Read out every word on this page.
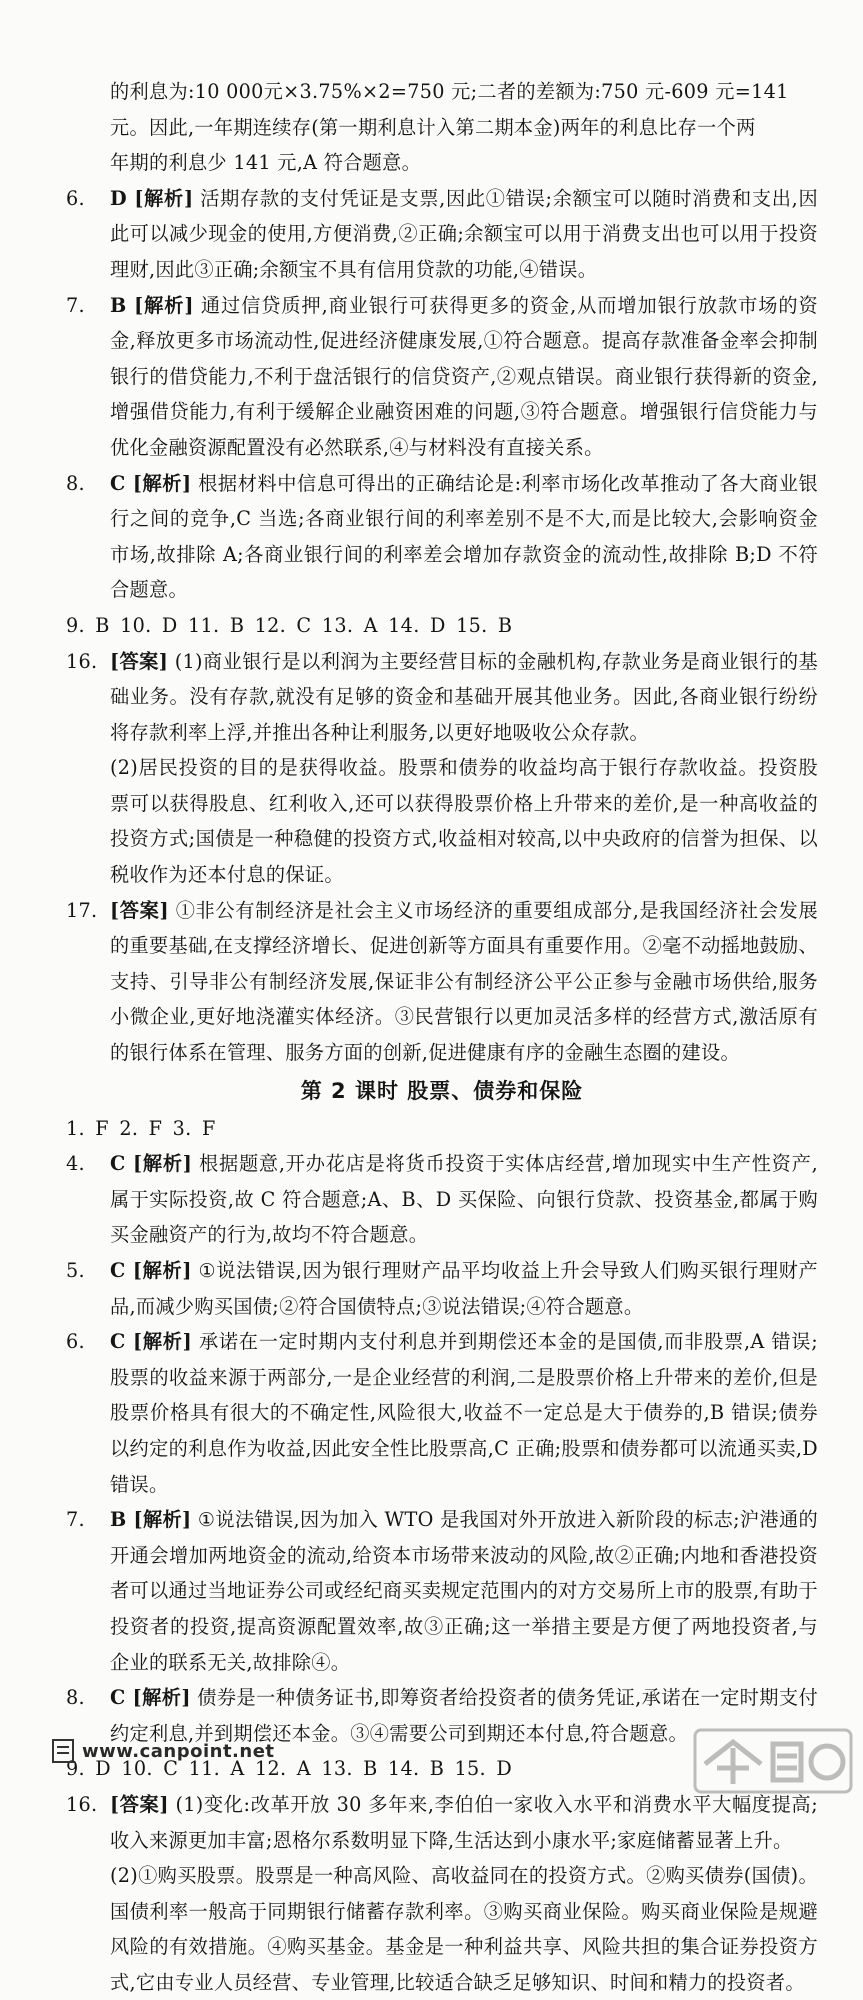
的利息为:10 000元×3.75%×2=750 元;二者的差额为:750 元-609 元=141
元。因此,一年期连续存(第一期利息计入第二期本金)两年的利息比存一个两
年期的利息少 141 元,A 符合题意。
6. D [解析] 活期存款的支付凭证是支票,因此①错误;余额宝可以随时消费和支出,因此可以减少现金的使用,方便消费,②正确;余额宝可以用于消费支出也可以用于投资理财,因此③正确;余额宝不具有信用贷款的功能,④错误。
7. B [解析] 通过信贷质押,商业银行可获得更多的资金,从而增加银行放款市场的资金,释放更多市场流动性,促进经济健康发展,①符合题意。提高存款准备金率会抑制银行的借贷能力,不利于盘活银行的信贷资产,②观点错误。商业银行获得新的资金,增强借贷能力,有利于缓解企业融资困难的问题,③符合题意。增强银行信贷能力与优化金融资源配置没有必然联系,④与材料没有直接关系。
8. C [解析] 根据材料中信息可得出的正确结论是:利率市场化改革推动了各大商业银行之间的竞争,C 当选;各商业银行间的利率差别不是不大,而是比较大,会影响资金市场,故排除 A;各商业银行间的利率差会增加存款资金的流动性,故排除 B;D 不符合题意。
9. B 10. D 11. B 12. C 13. A 14. D 15. B
16. [答案] (1)商业银行是以利润为主要经营目标的金融机构,存款业务是商业银行的基础业务。没有存款,就没有足够的资金和基础开展其他业务。因此,各商业银行纷纷将存款利率上浮,并推出各种让利服务,以更好地吸收公众存款。
(2)居民投资的目的是获得收益。股票和债券的收益均高于银行存款收益。投资股票可以获得股息、红利收入,还可以获得股票价格上升带来的差价,是一种高收益的投资方式;国债是一种稳健的投资方式,收益相对较高,以中央政府的信誉为担保、以税收作为还本付息的保证。
17. [答案] ①非公有制经济是社会主义市场经济的重要组成部分,是我国经济社会发展的重要基础,在支撑经济增长、促进创新等方面具有重要作用。②毫不动摇地鼓励、支持、引导非公有制经济发展,保证非公有制经济公平公正参与金融市场供给,服务小微企业,更好地浇灌实体经济。③民营银行以更加灵活多样的经营方式,激活原有的银行体系在管理、服务方面的创新,促进健康有序的金融生态圈的建设。
第 2 课时 股票、债券和保险
1. F 2. F 3. F
4. C [解析] 根据题意,开办花店是将货币投资于实体店经营,增加现实中生产性资产,属于实际投资,故 C 符合题意;A、B、D 买保险、向银行贷款、投资基金,都属于购买金融资产的行为,故均不符合题意。
5. C [解析] ①说法错误,因为银行理财产品平均收益上升会导致人们购买银行理财产品,而减少购买国债;②符合国债特点;③说法错误;④符合题意。
6. C [解析] 承诺在一定时期内支付利息并到期偿还本金的是国债,而非股票,A 错误;股票的收益来源于两部分,一是企业经营的利润,二是股票价格上升带来的差价,但是股票价格具有很大的不确定性,风险很大,收益不一定总是大于债券的,B 错误;债券以约定的利息作为收益,因此安全性比股票高,C 正确;股票和债券都可以流通买卖,D 错误。
7. B [解析] ①说法错误,因为加入 WTO 是我国对外开放进入新阶段的标志;沪港通的开通会增加两地资金的流动,给资本市场带来波动的风险,故②正确;内地和香港投资者可以通过当地证券公司或经纪商买卖规定范围内的对方交易所上市的股票,有助于投资者的投资,提高资源配置效率,故③正确;这一举措主要是方便了两地投资者,与企业的联系无关,故排除④。
8. C [解析] 债券是一种债务证书,即筹资者给投资者的债务凭证,承诺在一定时期支付约定利息,并到期偿还本金。③④需要公司到期还本付息,符合题意。
9. D 10. C 11. A 12. A 13. B 14. B 15. D
16. [答案] (1)变化:改革开放 30 多年来,李伯伯一家收入水平和消费水平大幅度提高;收入来源更加丰富;恩格尔系数明显下降,生活达到小康水平;家庭储蓄显著上升。
(2)①购买股票。股票是一种高风险、高收益同在的投资方式。②购买债券(国债)。国债利率一般高于同期银行储蓄存款利率。③购买商业保险。购买商业保险是规避风险的有效措施。④购买基金。基金是一种利益共享、风险共担的集合证券投资方式,它由专业人员经营、专业管理,比较适合缺乏足够知识、时间和精力的投资者。
www.canpoint.net
